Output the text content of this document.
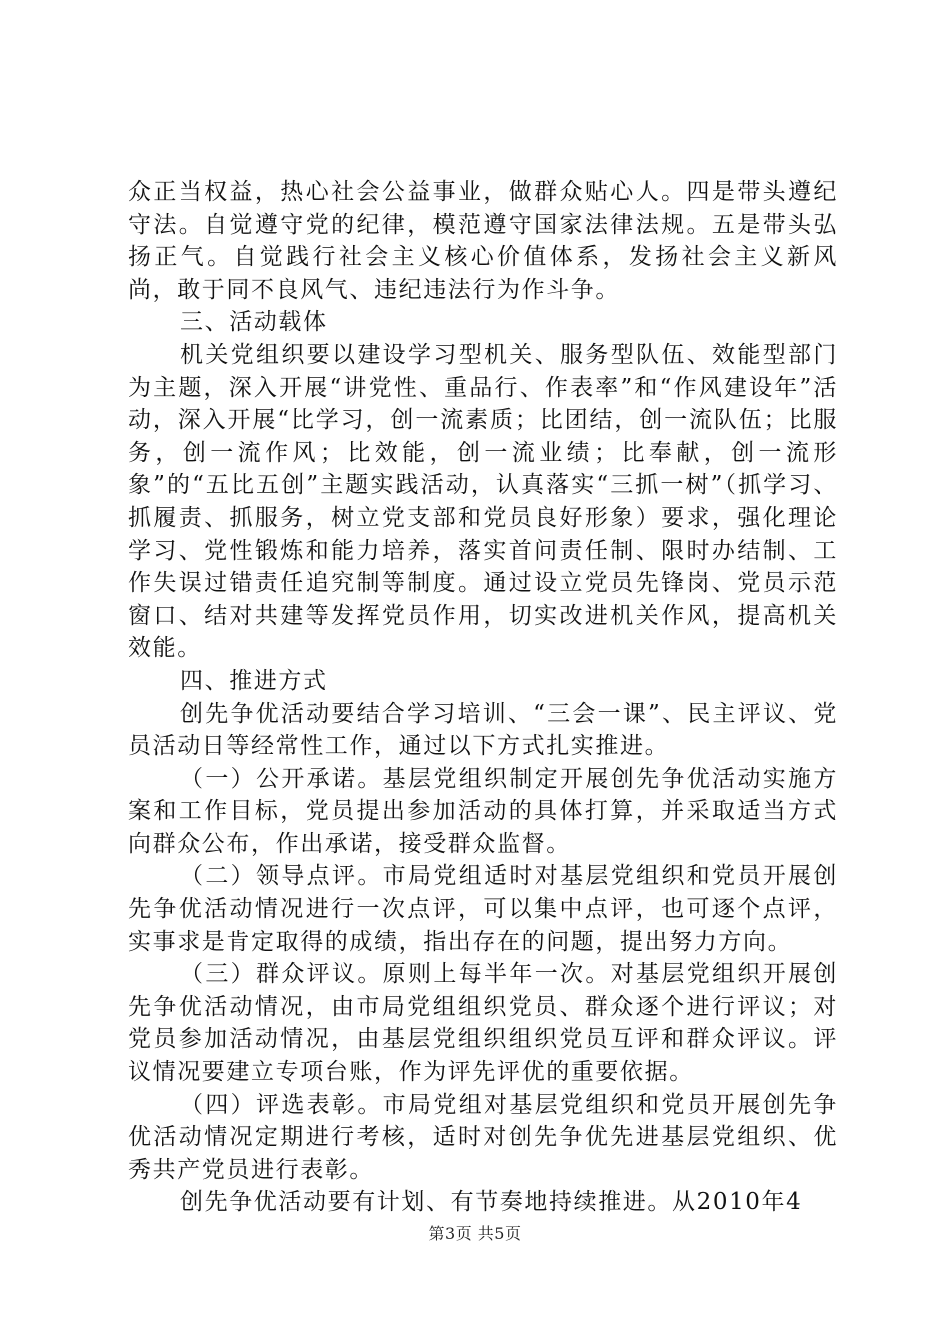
众正当权益，热心社会公益事业，做群众贴心人。四是带头遵纪守法。自觉遵守党的纪律，模范遵守国家法律法规。五是带头弘扬正气。自觉践行社会主义核心价值体系，发扬社会主义新风尚，敢于同不良风气、违纪违法行为作斗争。

三、活动载体

机关党组织要以建设学习型机关、服务型队伍、效能型部门为主题，深入开展“讲党性、重品行、作表率”和“作风建设年”活动，深入开展“比学习，创一流素质；比团结，创一流队伍；比服务，创一流作风；比效能，创一流业绩；比奉献，创一流形象”的“五比五创”主题实践活动，认真落实“三抓一树”（抓学习、抓履责、抓服务，树立党支部和党员良好形象）要求，强化理论学习、党性锻炼和能力培养，落实首问责任制、限时办结制、工作失误过错责任追究制等制度。通过设立党员先锋岗、党员示范窗口、结对共建等发挥党员作用，切实改进机关作风，提高机关效能。

四、推进方式

创先争优活动要结合学习培训、“三会一课”、民主评议、党员活动日等经常性工作，通过以下方式扎实推进。

（一）公开承诺。基层党组织制定开展创先争优活动实施方案和工作目标，党员提出参加活动的具体打算，并采取适当方式向群众公布，作出承诺，接受群众监督。

（二）领导点评。市局党组适时对基层党组织和党员开展创先争优活动情况进行一次点评，可以集中点评，也可逐个点评，实事求是肯定取得的成绩，指出存在的问题，提出努力方向。

（三）群众评议。原则上每半年一次。对基层党组织开展创先争优活动情况，由市局党组组织党员、群众逐个进行评议；对党员参加活动情况，由基层党组织组织党员互评和群众评议。评议情况要建立专项台账，作为评先评优的重要依据。

（四）评选表彰。市局党组对基层党组织和党员开展创先争优活动情况定期进行考核，适时对创先争优先进基层党组织、优秀共产党员进行表彰。

创先争优活动要有计划、有节奏地持续推进。从2010年4

第3页 共5页
